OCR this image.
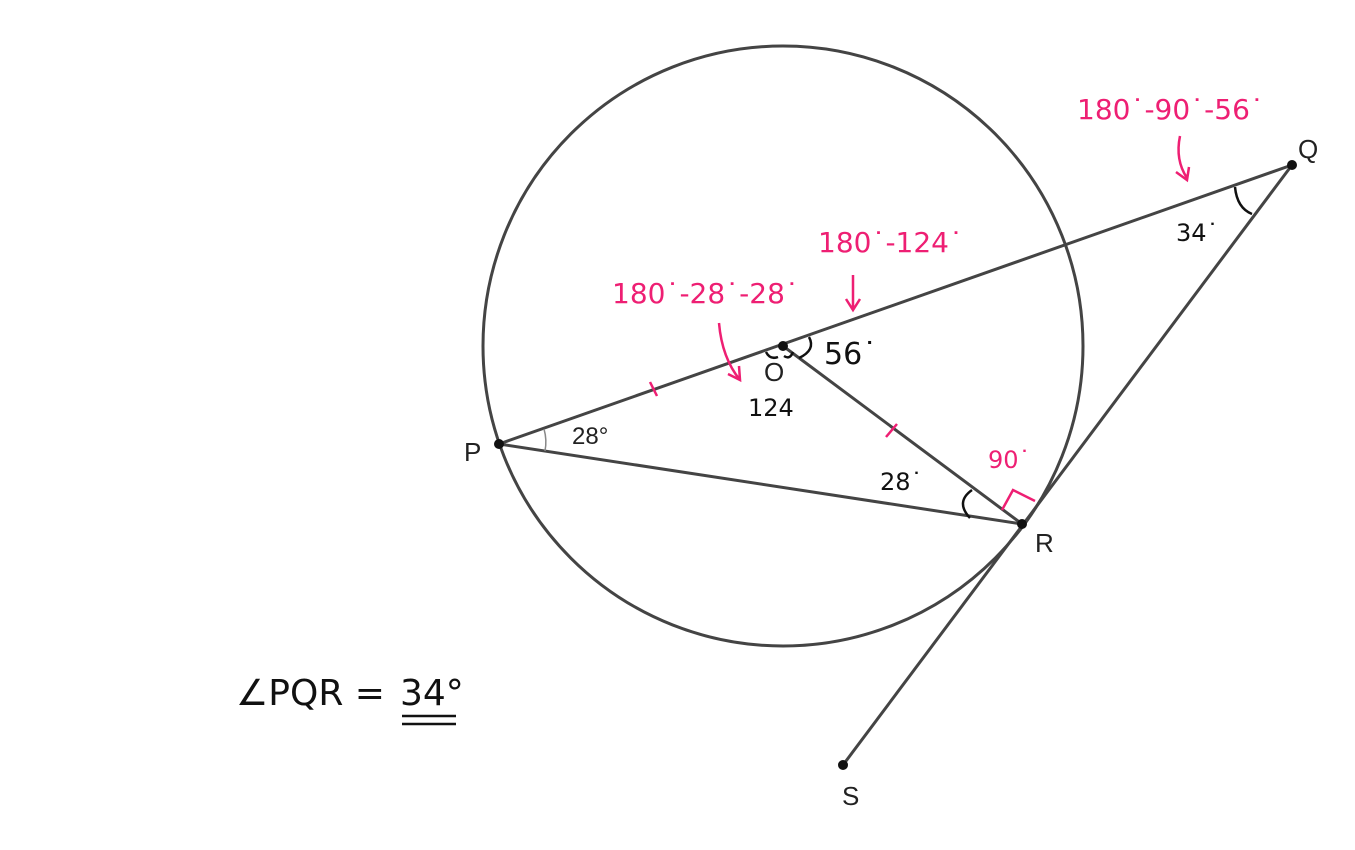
P
O
R
Q
S
28°
124
56˙
28˙
34˙
90˙
180˙-28˙-28˙
180˙-124˙
180˙-90˙-56˙
∠PQR = 34°
